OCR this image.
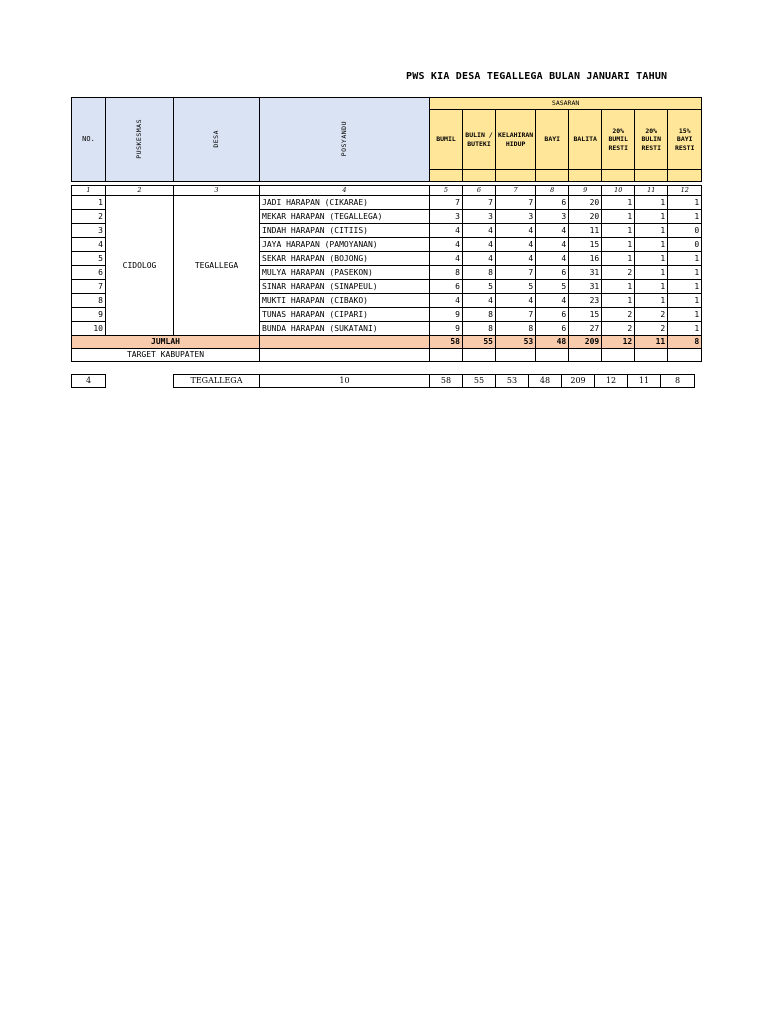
PWS KIA DESA TEGALLEGA BULAN JANUARI TAHUN
NO.	PUSKESMAS	DESA	POSYANDU	SASARAN							
				BUMIL	BULIN / BUTEKI	KELAHIRAN HIDUP	BAYI	BALITA	20% BUMIL RESTI	20% BULIN RESTI	15% BAYI RESTI

1	2	3	4	5	6	7	8	9	10	11	12
1	CIDOLOG	TEGALLEGA	JADI HARAPAN (CIKARAE)	7	7	7	6	20	1	1	1
2			MEKAR HARAPAN (TEGALLEGA)	3	3	3	3	20	1	1	1
3			INDAH HARAPAN (CITIIS)	4	4	4	4	11	1	1	0
4			JAYA HARAPAN (PAMOYANAN)	4	4	4	4	15	1	1	0
5			SEKAR HARAPAN (BOJONG)	4	4	4	4	16	1	1	1
6			MULYA HARAPAN (PASEKON)	8	8	7	6	31	2	1	1
7			SINAR HARAPAN (SINAPEUL)	6	5	5	5	31	1	1	1
8			MUKTI HARAPAN (CIBAKO)	4	4	4	4	23	1	1	1
9			TUNAS HARAPAN (CIPARI)	9	8	7	6	15	2	2	1
10			BUNDA HARAPAN (SUKATANI)	9	8	8	6	27	2	2	1
JUMLAH				58	55	53	48	209	12	11	8
TARGET KABUPATEN											
4		TEGALLEGA	10	58	55	53	48	209	12	11	8
